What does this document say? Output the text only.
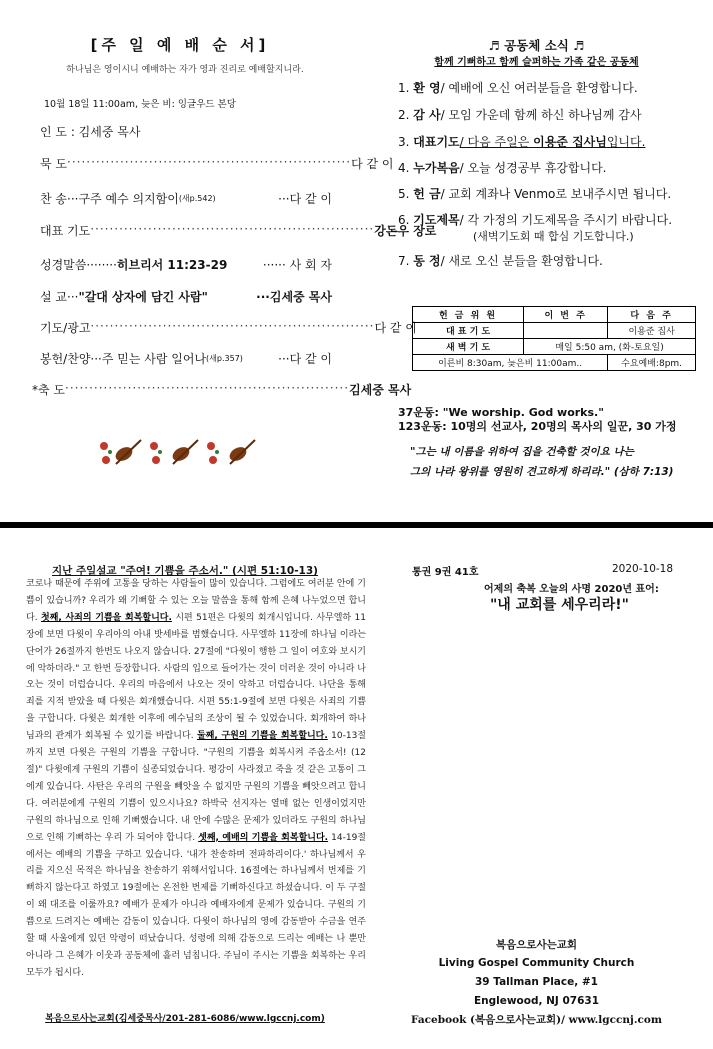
[주 일 예 배 순 서]
하나님은 영이시니 예배하는 자가 영과 진리로 예배할지니라.
10월 18일 11:00am, 늦은 비: 잉글우드 본당
인 도 : 김세중 목사
묵 도 ··························································· 다 같 이
찬 송···구주 예수 의지함이 (새p.542)	···다 같 이
대표 기도 ··························································· 강돈우 장로
성경말씀········ 히브리서 11:23-29	······ 사 회 자
설 교··· "갈대 상자에 담긴 사람"	···김세중 목사
기도/광고 ··························································· 다 같 이
봉헌/찬양···주 믿는 사람 일어나 (새p.357)	···다 같 이
*축 도 ··························································· 김세중 목사
♬ 공동체 소식 ♬
함께 기뻐하고 함께 슬퍼하는 가족 같은 공동체
1. 환 영/ 예배에 오신 여러분들을 환영합니다.
2. 감 사/ 모임 가운데 함께 하신 하나님께 감사
3. 대표기도/ 다음 주일은 이용준 집사님입니다.
4. 누가복음/ 오늘 성경공부 휴강합니다.
5. 헌 금/ 교회 계좌나 Venmo로 보내주시면 됩니다.
6. 기도제목/ 각 가정의 기도제목을 주시기 바랍니다.
(새벽기도회 때 합심 기도합니다.)
7. 동 정/ 새로 오신 분들을 환영합니다.
헌 금 위 원	이 번 주	다 음 주
대 표 기 도		이용준 집사
새 벽 기 도	매일 5:50 am, (화-토요일)	
이른비 8:30am, 늦은비 11:00am..		수요예배:8pm.
37운동: "We worship. God works."
123운동: 10명의 선교사, 20명의 목사의 일꾼, 30 가정
"그는 내 이름을 위하여 집을 건축할 것이요 나는
그의 나라 왕위를 영원히 견고하게 하리라." (삼하 7:13)
지난 주일설교 "주여! 기쁨을 주소서." (시편 51:10-13)
코로나 때문에 주위에 고통을 당하는 사람들이 많이 있습니다. 그럼에도 여러분 안에 기쁨이 있습니까? 우리가 왜 기뻐할 수 있는 오늘 말씀을 통해 함께 은혜 나누었으면 합니다. 첫째, 사죄의 기쁨을 회복할니다. 시편 51편은 다윗의 회개시입니다. 사무엘하 11장에 보면 다윗이 우리아의 아내 밧세바를 범했습니다. 사무엘하 11장에 하나님 이라는 단어가 26절까지 한번도 나오지 않습니다. 27절에 "다윗이 행한 그 일이 여호와 보시기에 악하더라." 고 한번 등장합니다. 사람의 입으로 들어가는 것이 더러운 것이 아니라 나오는 것이 더럽습니다. 우리의 마음에서 나오는 것이 악하고 더럽습니다. 나단을 통해 죄를 지적 받았을 때 다윗은 회개했습니다. 시편 55:1-9절에 보면 다윗은 사죄의 기쁨을 구합니다. 다윗은 회개한 이후에 예수님의 조상이 될 수 있었습니다. 회개하여 하나님과의 관계가 회복될 수 있기를 바랍니다. 둘째, 구원의 기쁨을 회복할니다. 10-13절까지 보면 다윗은 구원의 기쁨을 구합니다. "구원의 기쁨을 회복시켜 주옵소서! (12절)" 다윗에게 구원의 기쁨이 실종되었습니다. 평강이 사라졌고 죽을 것 같은 고통이 그에게 있습니다. 사탄은 우리의 구원을 빼앗을 수 없지만 구원의 기쁨을 빼앗으려고 합니다. 여러분에게 구원의 기쁨이 있으시나요? 하박국 선지자는 열매 없는 인생이었지만 구원의 하나님으로 인해 기뻐했습니다. 내 안에 수많은 문제가 있더라도 구원의 하나님으로 인해 기뻐하는 우리 가 되어야 합니다. 셋째, 예배의 기쁨을 회복할니다. 14-19절에서는 예배의 기쁨을 구하고 있습니다. '내가 찬송하며 전파하리이다.' 하나님께서 우리를 지으신 목적은 하나님을 찬송하기 위해서입니다. 16절에는 하나님께서 번제를 기뻐하지 않는다고 하였고 19절에는 온전한 번제를 기뻐하신다고 하셨습니다. 이 두 구절이 왜 대조를 이룰까요? 예배가 문제가 아니라 예배자에게 문제가 있습니다. 구원의 기쁨으로 드려지는 예배는 감동이 있습니다. 다윗이 하나님의 영에 감동받아 수금을 연주할 때 사울에게 있던 악령이 떠났습니다. 성령에 의해 감동으로 드리는 예배는 나 뿐만 아니라 그 은혜가 이웃과 공동체에 흘러 넘칩니다. 주님이 주시는 기쁨을 회복하는 우리 모두가 됩시다.
복음으로사는교회(김세중목사/201-281-6086/www.lgccnj.com)
통권 9권 41호	2020-10-18
어제의 축복 오늘의 사명 2020년 표어:
"내 교회를 세우리라!"
복음으로사는교회
Living Gospel Community Church
39 Tallman Place, #1
Englewood, NJ 07631
Facebook (복음으로사는교회)/ www.lgccnj.com
